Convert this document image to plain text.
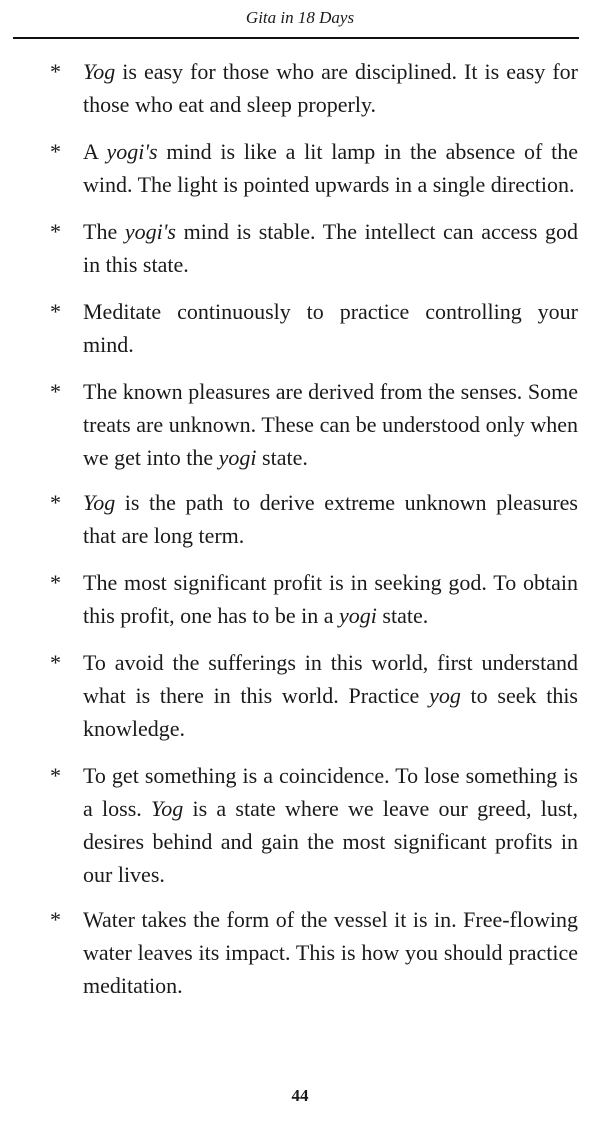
Gita in 18 Days
* Yog is easy for those who are disciplined. It is easy for those who eat and sleep properly.
* A yogi's mind is like a lit lamp in the absence of the wind. The light is pointed upwards in a single direction.
* The yogi's mind is stable. The intellect can access god in this state.
* Meditate continuously to practice controlling your mind.
* The known pleasures are derived from the senses. Some treats are unknown. These can be understood only when we get into the yogi state.
* Yog is the path to derive extreme unknown pleasures that are long term.
* The most significant profit is in seeking god. To obtain this profit, one has to be in a yogi state.
* To avoid the sufferings in this world, first understand what is there in this world. Practice yog to seek this knowledge.
* To get something is a coincidence. To lose something is a loss. Yog is a state where we leave our greed, lust, desires behind and gain the most significant profits in our lives.
* Water takes the form of the vessel it is in. Free-flowing water leaves its impact. This is how you should practice meditation.
44
